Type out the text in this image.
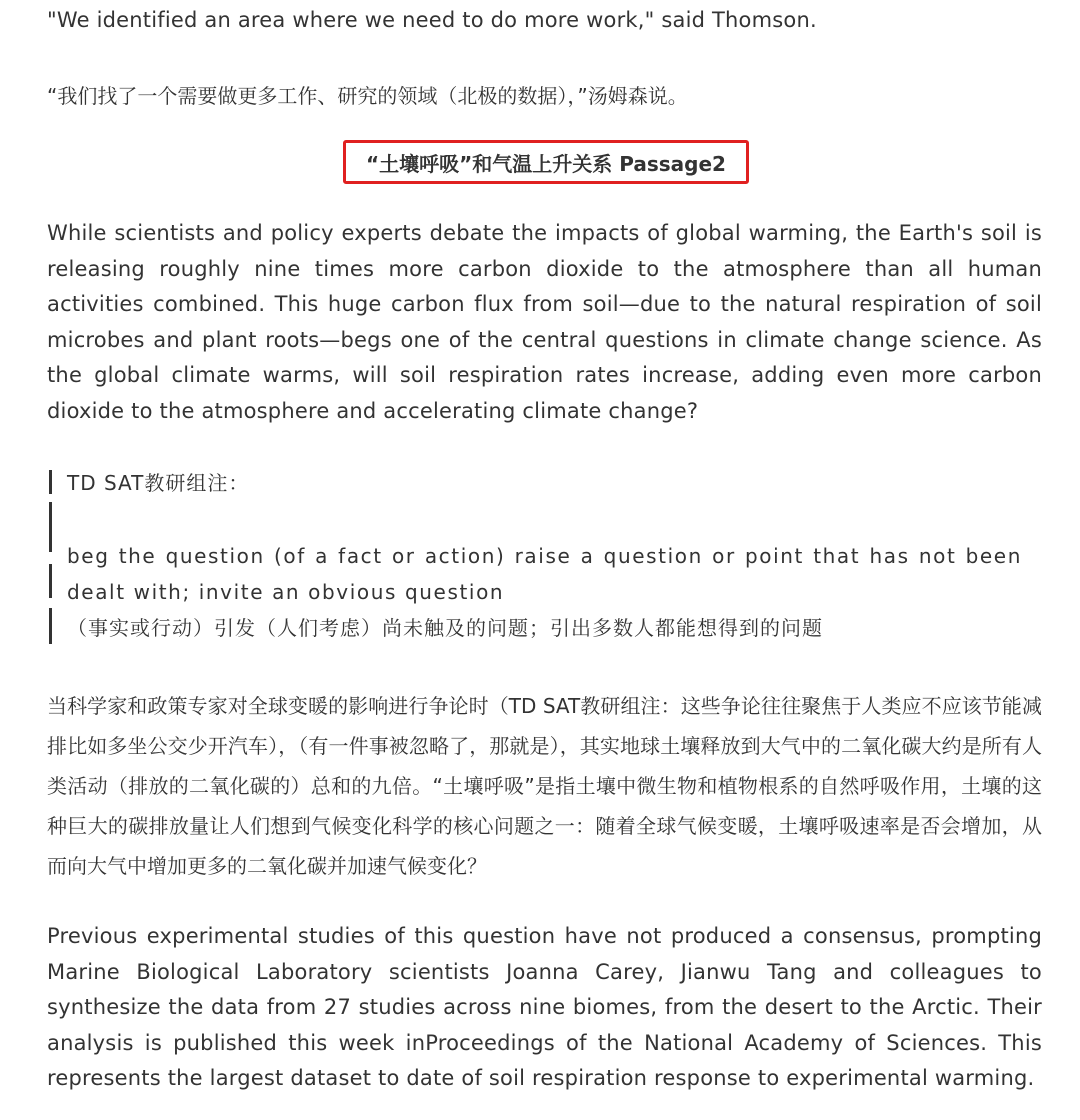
"We identified an area where we need to do more work," said Thomson.

“我们找了一个需要做更多工作、研究的领域（北极的数据），”汤姆森说。

“土壤呼吸”和气温上升关系 Passage2

While scientists and policy experts debate the impacts of global warming, the Earth's soil is releasing roughly nine times more carbon dioxide to the atmosphere than all human activities combined. This huge carbon flux from soil—due to the natural respiration of soil microbes and plant roots—begs one of the central questions in climate change science. As the global climate warms, will soil respiration rates increase, adding even more carbon dioxide to the atmosphere and accelerating climate change?

TD SAT教研组注：

beg the question (of a fact or action) raise a question or point that has not been dealt with; invite an obvious question

（事实或行动）引发（人们考虑）尚未触及的问题；引出多数人都能想得到的问题

当科学家和政策专家对全球变暖的影响进行争论时（TD SAT教研组注：这些争论往往聚焦于人类应不应该节能减排比如多坐公交少开汽车），（有一件事被忽略了，那就是），其实地球土壤释放到大气中的二氧化碳大约是所有人类活动（排放的二氧化碳的）总和的九倍。“土壤呼吸”是指土壤中微生物和植物根系的自然呼吸作用，土壤的这种巨大的碳排放量让人们想到气候变化科学的核心问题之一：随着全球气候变暖，土壤呼吸速率是否会增加，从而向大气中增加更多的二氧化碳并加速气候变化？

Previous experimental studies of this question have not produced a consensus, prompting Marine Biological Laboratory scientists Joanna Carey, Jianwu Tang and colleagues to synthesize the data from 27 studies across nine biomes, from the desert to the Arctic. Their analysis is published this week inProceedings of the National Academy of Sciences. This represents the largest dataset to date of soil respiration response to experimental warming.
